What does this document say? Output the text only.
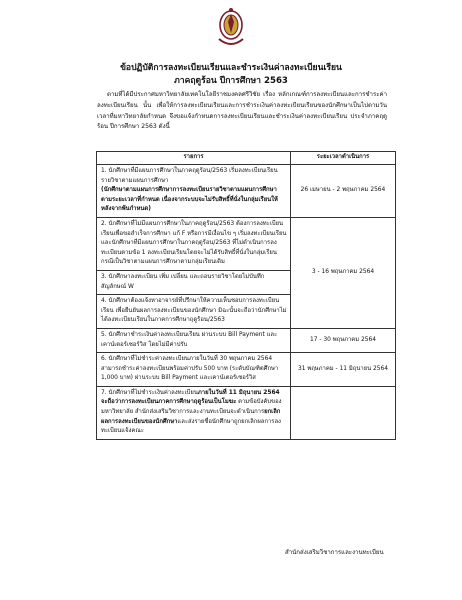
ข้อปฏิบัติการลงทะเบียนเรียนและชำระเงินค่าลงทะเบียนเรียน
ภาคฤดูร้อน ปีการศึกษา 2563
ตามที่ได้มีประกาศมหาวิทยาลัยเทคโนโลยีราชมงคลศรีวิชัย เรื่อง หลักเกณฑ์การลงทะเบียนและการชำระค่าลงทะเบียนเรียน นั้น เพื่อให้การลงทะเบียนเรียนและการชำระเงินค่าลงทะเบียนเรียนของนักศึกษาเป็นไปตามวันเวลาที่มหาวิทยาลัยกำหนด จึงขอแจ้งกำหนดการลงทะเบียนเรียนและชำระเงินค่าลงทะเบียนเรียน ประจำภาคฤดูร้อน ปีการศึกษา 2563 ดังนี้
รายการ	ระยะเวลาดำเนินการ
1. นักศึกษาที่มีแผนการศึกษาในภาคฤดูร้อน/2563 เริ่มลงทะเบียนเรียนรายวิชาตามแผนการศึกษา
(นักศึกษาตามแผนการศึกษาการลงทะเบียนรายวิชาตามแผนการศึกษาตามระยะเวลาที่กำหนด เนื่องจากระบบจะไม่รับสิทธิ์ที่นั่งในกลุ่มเรียนให้หลังจากพ้นกำหนด)	26 เมษายน - 2 พฤษภาคม 2564
2. นักศึกษาที่ไม่มีแผนการศึกษาในภาคฤดูร้อน/2563 ต้องการลงทะเบียนเรียนเพื่อขอสำเร็จการศึกษา แก้ F หรือการมีเงื่อนไข ๆ เริ่มลงทะเบียนเรียน และนักศึกษาที่มีแผนการศึกษาในภาคฤดูร้อน/2563 ที่ไม่ดำเนินการลงทะเบียนตามข้อ 1 ลงทะเบียนเรียนโดยจะไม่ได้รับสิทธิ์ที่นั่งในกลุ่มเรียนกรณีเป็นวิชาตามแผนการศึกษาตามกลุ่มเรียนเดิม	3 - 16 พฤษภาคม 2564
3. นักศึกษาลงทะเบียน เพิ่ม เปลี่ยน และถอนรายวิชาโดยไม่บันทึกสัญลักษณ์ W	
4. นักศึกษาต้องแจ้งหาอาจารย์ที่ปรึกษาให้ความเห็นชอบการลงทะเบียนเรียน เพื่อยืนยันผลการลงทะเบียนของนักศึกษา มิฉะนั้นจะถือว่านักศึกษาไม่ได้ลงทะเบียนเรียนในภาคการศึกษาฤดูร้อน/2563	
5. นักศึกษาชำระเงินค่าลงทะเบียนเรียน ผ่านระบบ Bill Payment และเคาน์เตอร์เซอร์วิส โดยไม่มีค่าปรับ	17 - 30 พฤษภาคม 2564
6. นักศึกษาที่ไม่ชำระค่าลงทะเบียนภายในวันที่ 30 พฤษภาคม 2564 สามารถชำระค่าลงทะเบียนพร้อมค่าปรับ 500 บาท (ระดับบัณฑิตศึกษา 1,000 บาท) ผ่านระบบ Bill Payment และเคาน์เตอร์เซอร์วิส	31 พฤษภาคม - 11 มิถุนายน 2564
7. นักศึกษาที่ไม่ชำระเงินค่าลงทะเบียนภายในวันที่ 11 มิถุนายน 2564 จะถือว่าการลงทะเบียนภาคการศึกษาฤดูร้อนเป็นโมฆะ ตามข้อบังคับของมหาวิทยาลัย สำนักส่งเสริมวิชาการและงานทะเบียนจะดำเนินการยกเลิกผลการลงทะเบียนของนักศึกษาและส่งรายชื่อนักศึกษาถูกยกเลิกผลการลงทะเบียนแจ้งคณะ	
สำนักส่งเสริมวิชาการและงานทะเบียน
